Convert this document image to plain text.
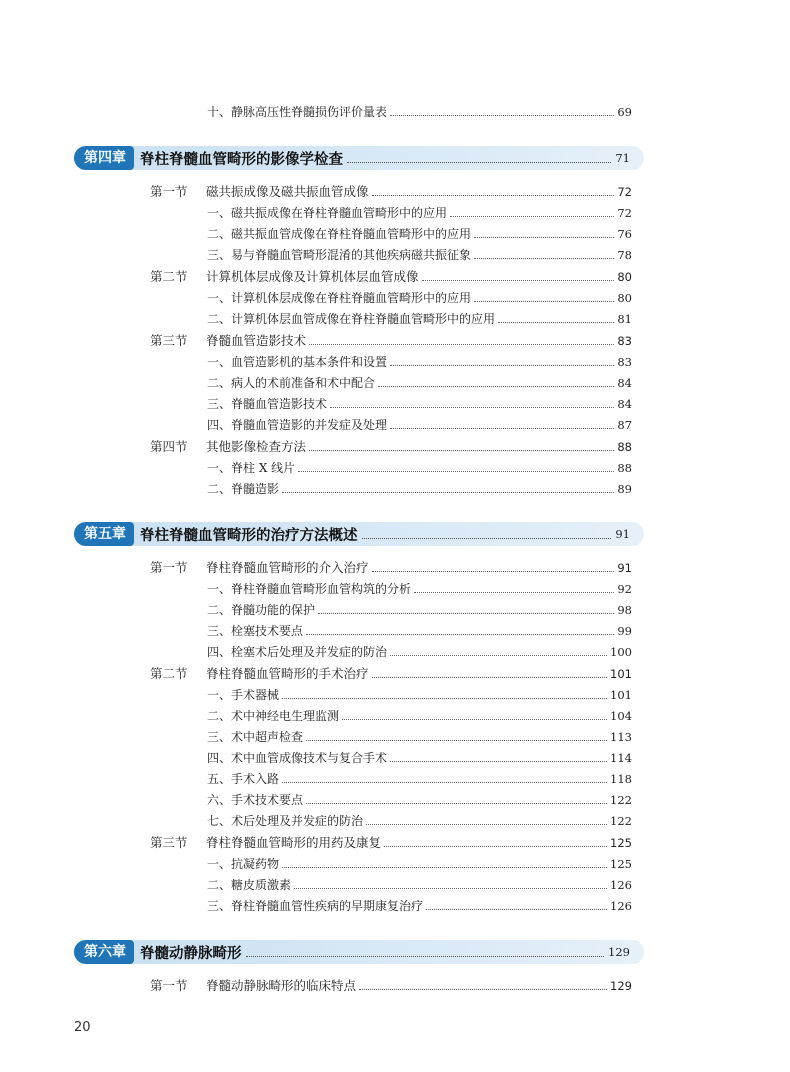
十、静脉高压性脊髓损伤评价量表	69
第四章 脊柱脊髓血管畸形的影像学检查	71
第一节 磁共振成像及磁共振血管成像	72
一、磁共振成像在脊柱脊髓血管畸形中的应用	72
二、磁共振血管成像在脊柱脊髓血管畸形中的应用	76
三、易与脊髓血管畸形混淆的其他疾病磁共振征象	78
第二节 计算机体层成像及计算机体层血管成像	80
一、计算机体层成像在脊柱脊髓血管畸形中的应用	80
二、计算机体层血管成像在脊柱脊髓血管畸形中的应用	81
第三节 脊髓血管造影技术	83
一、血管造影机的基本条件和设置	83
二、病人的术前准备和术中配合	84
三、脊髓血管造影技术	84
四、脊髓血管造影的并发症及处理	87
第四节 其他影像检查方法	88
一、脊柱 X 线片	88
二、脊髓造影	89
第五章 脊柱脊髓血管畸形的治疗方法概述	91
第一节 脊柱脊髓血管畸形的介入治疗	91
一、脊柱脊髓血管畸形血管构筑的分析	92
二、脊髓功能的保护	98
三、栓塞技术要点	99
四、栓塞术后处理及并发症的防治	100
第二节 脊柱脊髓血管畸形的手术治疗	101
一、手术器械	101
二、术中神经电生理监测	104
三、术中超声检查	113
四、术中血管成像技术与复合手术	114
五、手术入路	118
六、手术技术要点	122
七、术后处理及并发症的防治	122
第三节 脊柱脊髓血管畸形的用药及康复	125
一、抗凝药物	125
二、糖皮质激素	126
三、脊柱脊髓血管性疾病的早期康复治疗	126
第六章 脊髓动静脉畸形	129
第一节 脊髓动静脉畸形的临床特点	129
20
